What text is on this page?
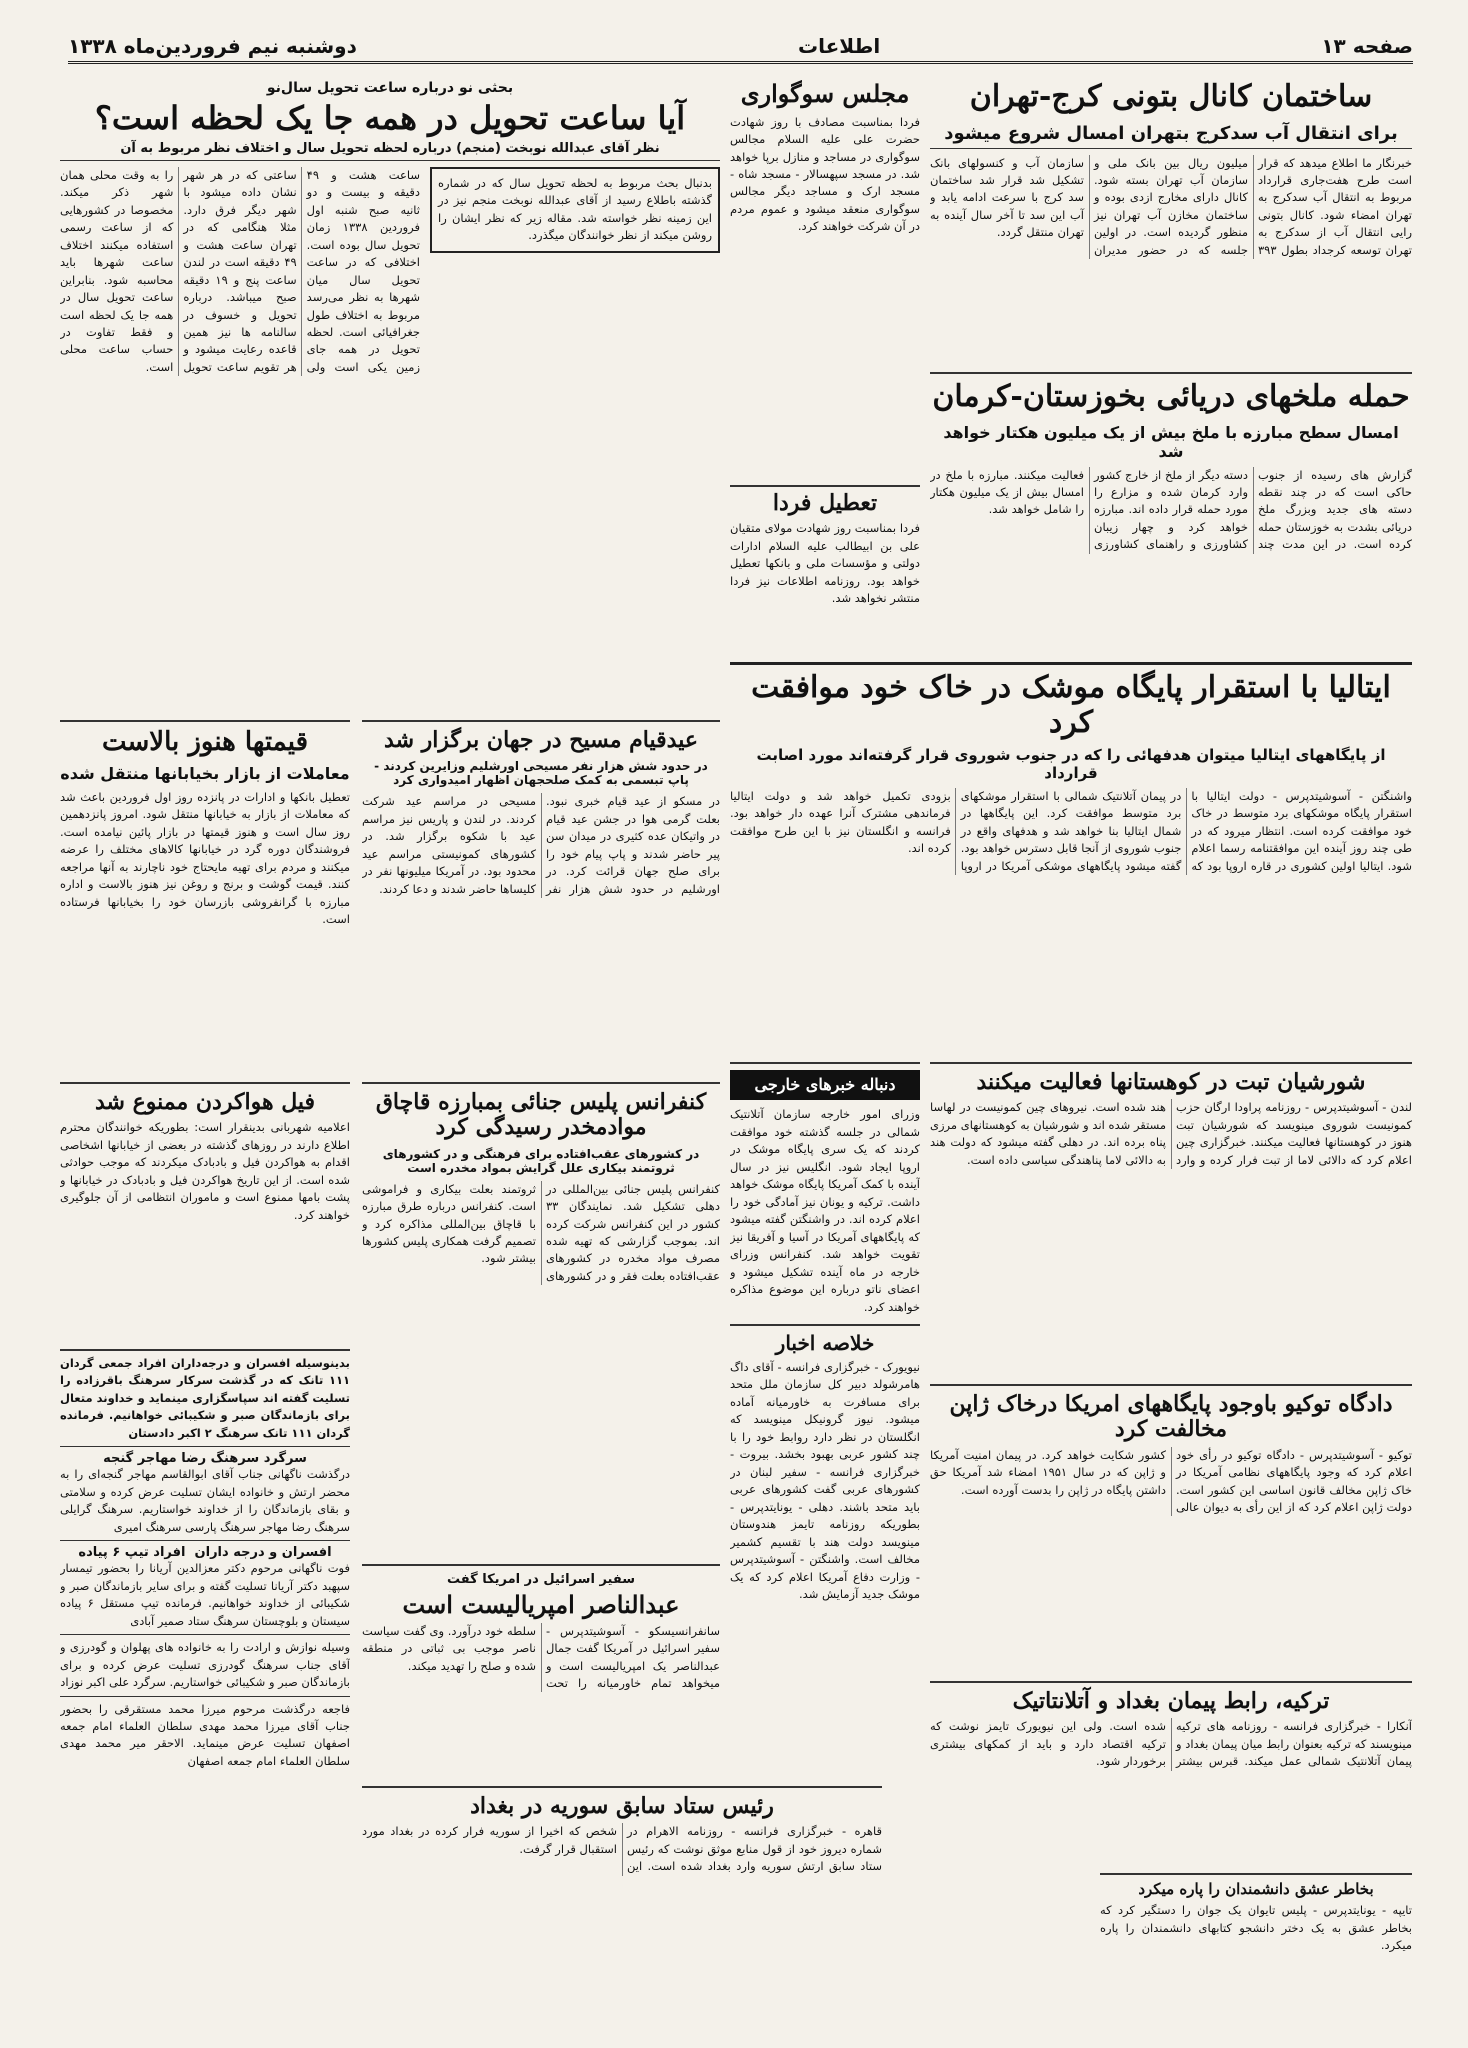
صفحه ۱۳
اطلاعات
دوشنبه نیم فروردین‌ماه ۱۳۳۸
ساختمان کانال بتونی کرج‌-تهران
برای انتقال آب سدکرج بتهران امسال شروع میشود
خبرنگار ما اطلاع میدهد که قرار است طرح هفت‌جاری قرارداد مربوط به انتقال آب سدکرج به تهران امضاء شود. کانال بتونی رایی انتقال آب از سدکرج به تهران توسعه کرجداد بطول ۳۹۳ میلیون ریال بین بانک ملی و سازمان آب تهران بسته شود. کانال دارای مخارج ازدی بوده و ساختمان مخازن آب تهران نیز منظور گردیده است. در اولین جلسه که در حضور مدیران سازمان آب و کنسولهای بانک تشکیل شد قرار شد ساختمان سد کرج با سرعت ادامه یابد و آب این سد تا آخر سال آینده به تهران منتقل گردد.
حمله‌ ملخهای دریائی بخوزستان‌-کرمان
امسال سطح مبارزه با ملخ بیش از یک میلیون هکتار خواهد شد
گزارش های رسیده از جنوب حاکی است که در چند نقطه دسته های جدید وبزرگ ملخ دریائی بشدت به خوزستان حمله کرده است. در این مدت چند دسته دیگر از ملخ از خارج کشور وارد کرمان شده و مزارع را مورد حمله قرار داده اند. مبارزه خواهد کرد و چهار زیبان کشاورزی و راهنمای کشاورزی فعالیت میکنند. مبارزه با ملخ در امسال بیش از یک میلیون هکتار را شامل خواهد شد.
مجلس سوگواری
فردا بمناسبت مصادف با روز شهادت حضرت علی علیه السلام مجالس سوگواری در مساجد و منازل برپا خواهد شد. در مسجد سپهسالار - مسجد شاه - مسجد ارک و مساجد دیگر مجالس سوگواری منعقد میشود و عموم مردم در آن شرکت خواهند کرد.
تعطیل فردا
فردا بمناسبت روز شهادت مولای متقیان علی بن ابیطالب علیه السلام ادارات دولتی و مؤسسات ملی و بانکها تعطیل خواهد بود. روزنامه اطلاعات نیز فردا منتشر نخواهد شد.
بحثی نو درباره ساعت تحویل سال‌نو
آیا ساعت تحویل در همه جا یک لحظه است؟
نظر آقای عبدالله نوبخت (منجم) درباره لحظه تحویل سال و اختلاف نظر مربوط به آن
بدنبال بحث مربوط به لحظه تحویل سال که در شماره گذشته باطلاع رسید از آقای عبدالله نوبخت منجم نیز در این زمینه نظر خواسته شد. مقاله زیر که نظر ایشان را روشن میکند از نظر خوانندگان میگذرد.
ساعت هشت و ۴۹ دقیقه و بیست و دو ثانیه صبح شنبه اول فروردین ۱۳۳۸ زمان تحویل سال بوده است. اختلافی که در ساعت تحویل سال میان شهرها به نظر می‌رسد مربوط به اختلاف طول جغرافیائی است. لحظه تحویل در همه جای زمین یکی است ولی ساعتی که در هر شهر نشان داده میشود با شهر دیگر فرق دارد. مثلا هنگامی که در تهران ساعت هشت و ۴۹ دقیقه است در لندن ساعت پنج و ۱۹ دقیقه صبح میباشد. درباره تحویل و خسوف در سالنامه ها نیز همین قاعده رعایت میشود و هر تقویم ساعت تحویل را به وقت محلی همان شهر ذکر میکند. مخصوصا در کشورهایی که از ساعت رسمی استفاده میکنند اختلاف ساعت شهرها باید محاسبه شود. بنابراین ساعت تحویل سال در همه جا یک لحظه است و فقط تفاوت در حساب ساعت محلی است.
ایتالیا با استقرار پایگاه موشک در خاک خود موافقت کرد
از پایگاههای ایتالیا میتوان هدفهائی را که در جنوب شوروی قرار گرفته‌اند مورد اصابت قرارداد
واشنگتن - آسوشیتدپرس - دولت ایتالیا با استقرار پایگاه موشکهای برد متوسط در خاک خود موافقت کرده است. انتظار میرود که در طی چند روز آینده این موافقتنامه رسما اعلام شود. ایتالیا اولین کشوری در قاره اروپا بود که در پیمان آتلانتیک شمالی با استقرار موشکهای برد متوسط موافقت کرد. این پایگاهها در شمال ایتالیا بنا خواهد شد و هدفهای واقع در جنوب شوروی از آنجا قابل دسترس خواهد بود. گفته میشود پایگاههای موشکی آمریکا در اروپا بزودی تکمیل خواهد شد و دولت ایتالیا فرماندهی مشترک آنرا عهده دار خواهد بود. فرانسه و انگلستان نیز با این طرح موافقت کرده اند.
قیمتها هنوز بالاست
معاملات از بازار بخیابانها منتقل شده
تعطیل بانکها و ادارات در پانزده روز اول فروردین باعث شد که معاملات از بازار به خیابانها منتقل شود. امروز پانزدهمین روز سال است و هنوز قیمتها در بازار پائین نیامده است. فروشندگان دوره گرد در خیابانها کالاهای مختلف را عرضه میکنند و مردم برای تهیه مایحتاج خود ناچارند به آنها مراجعه کنند. قیمت گوشت و برنج و روغن نیز هنوز بالاست و اداره مبارزه با گرانفروشی بازرسان خود را بخیابانها فرستاده است.
عیدقیام مسیح در جهان برگزار شد
در حدود شش هزار نفر مسیحی اورشلیم وزایرین کردند - پاپ تبسمی به کمک صلحجهان اظهار امیدواری کرد
در مسکو از عید قیام خبری نبود. بعلت گرمی هوا در جشن عید قیام در واتیکان عده کثیری در میدان سن پیر حاضر شدند و پاپ پیام خود را برای صلح جهان قرائت کرد. در اورشلیم در حدود شش هزار نفر مسیحی در مراسم عید شرکت کردند. در لندن و پاریس نیز مراسم عید با شکوه برگزار شد. در کشورهای کمونیستی مراسم عید محدود بود. در آمریکا میلیونها نفر در کلیساها حاضر شدند و دعا کردند.
فیل هواکردن ممنوع شد
اعلامیه شهربانی بدینقرار است: بطوریکه خوانندگان محترم اطلاع دارند در روزهای گذشته در بعضی از خیابانها اشخاصی اقدام به هواکردن فیل و بادبادک میکردند که موجب حوادثی شده است. از این تاریخ هواکردن فیل و بادبادک در خیابانها و پشت بامها ممنوع است و ماموران انتظامی از آن جلوگیری خواهند کرد.
کنفرانس پلیس جنائی بمبارزه قاچاق موادمخدر رسیدگی کرد
در کشورهای عقب‌افتاده برای فرهنگی و در کشورهای ثروتمند بیکاری علل گرایش بمواد مخدره است
کنفرانس پلیس جنائی بین‌المللی در دهلی تشکیل شد. نمایندگان ۳۳ کشور در این کنفرانس شرکت کرده اند. بموجب گزارشی که تهیه شده مصرف مواد مخدره در کشورهای عقب‌افتاده بعلت فقر و در کشورهای ثروتمند بعلت بیکاری و فراموشی است. کنفرانس درباره طرق مبارزه با قاچاق بین‌المللی مذاکره کرد و تصمیم گرفت همکاری پلیس کشورها بیشتر شود.
سفیر اسرائیل در امریکا گفت
عبدالناصر امپریالیست است
سانفرانسیسکو - آسوشیتدپرس - سفیر اسرائیل در آمریکا گفت جمال عبدالناصر یک امپریالیست است و میخواهد تمام خاورمیانه را تحت سلطه خود درآورد. وی گفت سیاست ناصر موجب بی ثباتی در منطقه شده و صلح را تهدید میکند.
رئیس ستاد سابق سوریه در بغداد
قاهره - خبرگزاری فرانسه - روزنامه الاهرام در شماره دیروز خود از قول منابع موثق نوشت که رئیس ستاد سابق ارتش سوریه وارد بغداد شده است. این شخص که اخیرا از سوریه فرار کرده در بغداد مورد استقبال قرار گرفت.
بدینوسیله افسران و درجه‌داران افراد جمعی گردان ۱۱۱ تانک که در گذشت سرکار سرهنگ باقرزاده را تسلیت گفته اند سپاسگزاری مینماید و خداوند متعال برای بازماندگان صبر و شکیبائی خواهانیم. فرمانده گردان ۱۱۱ تانک سرهنگ ۲ اکبر دادستان
سرگرد سرهنگ رضا مهاجر گنجه
درگذشت ناگهانی جناب آقای ابوالقاسم مهاجر گنجه‌ای را به محضر ارتش و خانواده ایشان تسلیت عرض کرده و سلامتی و بقای بازماندگان را از خداوند خواستاریم. سرهنگ گرایلی سرهنگ رضا مهاجر سرهنگ پارسی سرهنگ امیری
افسران و درجه داران ‌ افراد تیپ ۶ پیاده
فوت ناگهانی مرحوم دکتر معزالدین آریانا را بحضور تیمسار سپهبد دکتر آریانا تسلیت گفته و برای سایر بازماندگان صبر و شکیبائی از خداوند خواهانیم. فرمانده تیپ مستقل ۶ پیاده سیستان و بلوچستان سرهنگ ستاد صمیر آبادی
وسیله نوازش و ارادت را به خانواده های پهلوان و گودرزی و آقای جناب سرهنگ گودرزی تسلیت عرض کرده و برای بازماندگان صبر و شکیبائی خواستاریم. سرگرد علی اکبر نوزاد
فاجعه درگذشت مرحوم میرزا محمد مستقرقی را بحضور جناب آقای میرزا محمد مهدی سلطان العلماء امام جمعه اصفهان تسلیت عرض مینماید. الاحقر میر محمد مهدی سلطان العلماء امام جمعه اصفهان
شورشیان تبت در کوهستانها فعالیت میکنند
لندن - آسوشیتدپرس - روزنامه پراودا ارگان حزب کمونیست شوروی مینویسد که شورشیان تبت هنوز در کوهستانها فعالیت میکنند. خبرگزاری چین اعلام کرد که دالائی لاما از تبت فرار کرده و وارد هند شده است. نیروهای چین کمونیست در لهاسا مستقر شده اند و شورشیان به کوهستانهای مرزی پناه برده اند. در دهلی گفته میشود که دولت هند به دالائی لاما پناهندگی سیاسی داده است.
دادگاه توکیو باوجود پایگاههای امریکا درخاک ژاپن مخالفت کرد
توکیو - آسوشیتدپرس - دادگاه توکیو در رأی خود اعلام کرد که وجود پایگاههای نظامی آمریکا در خاک ژاپن مخالف قانون اساسی این کشور است. دولت ژاپن اعلام کرد که از این رأی به دیوان عالی کشور شکایت خواهد کرد. در پیمان امنیت آمریکا و ژاپن که در سال ۱۹۵۱ امضاء شد آمریکا حق داشتن پایگاه در ژاپن را بدست آورده است.
ترکیه، رابط پیمان بغداد و آتلانتاتیک
آنکارا - خبرگزاری فرانسه - روزنامه های ترکیه مینویسند که ترکیه بعنوان رابط میان پیمان بغداد و پیمان آتلانتیک شمالی عمل میکند. قبرس بیشتر شده است. ولی این نیویورک تایمز نوشت که ترکیه اقتصاد دارد و باید از کمکهای بیشتری برخوردار شود.
بخاطر عشق دانشمندان را پاره میکرد
تایپه - یونایتدپرس - پلیس تایوان یک جوان را دستگیر کرد که بخاطر عشق به یک دختر دانشجو کتابهای دانشمندان را پاره میکرد.
دنباله خبرهای خارجی
وزرای امور خارجه سازمان آتلانتیک شمالی در جلسه گذشته خود موافقت کردند که یک سری پایگاه موشک در اروپا ایجاد شود. انگلیس نیز در سال آینده با کمک آمریکا پایگاه موشک خواهد داشت. ترکیه و یونان نیز آمادگی خود را اعلام کرده اند. در واشنگتن گفته میشود که پایگاههای آمریکا در آسیا و آفریقا نیز تقویت خواهد شد. کنفرانس وزرای خارجه در ماه آینده تشکیل میشود و اعضای ناتو درباره این موضوع مذاکره خواهند کرد.
خلاصه اخبار
نیویورک - خبرگزاری فرانسه - آقای داگ هامرشولد دبیر کل سازمان ملل متحد برای مسافرت به خاورمیانه آماده میشود. نیوز گرونیکل مینویسد که انگلستان در نظر دارد روابط خود را با چند کشور عربی بهبود بخشد. بیروت - خبرگزاری فرانسه - سفیر لبنان در کشورهای عربی گفت کشورهای عربی باید متحد باشند. دهلی - یونایتدپرس - بطوریکه روزنامه تایمز هندوستان مینویسد دولت هند با تقسیم کشمیر مخالف است. واشنگتن - آسوشیتدپرس - وزارت دفاع آمریکا اعلام کرد که یک موشک جدید آزمایش شد.
